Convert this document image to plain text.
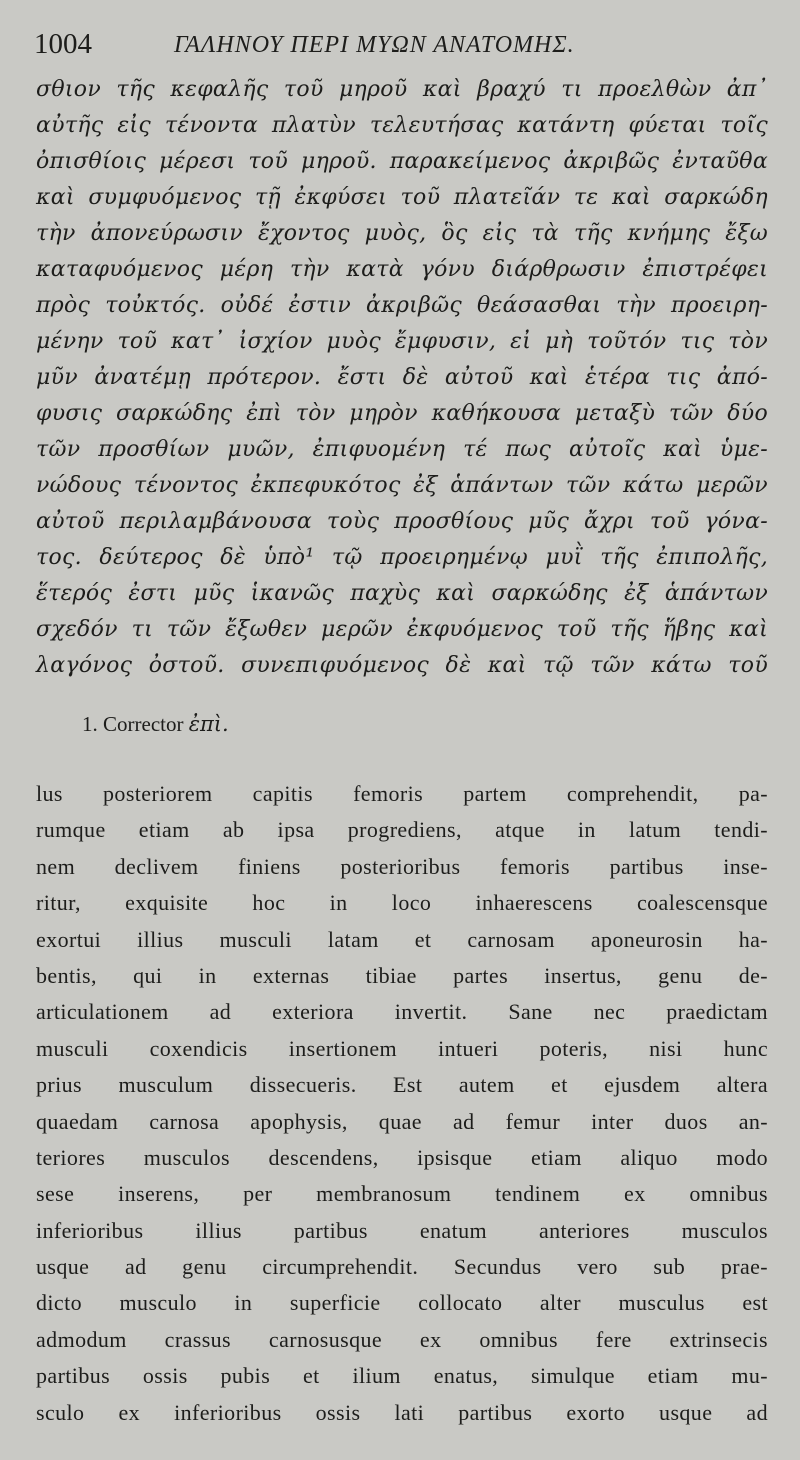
1004	ΓΑΛΗΝΟΥ ΠΕΡΙ ΜΥΩΝ ΑΝΑΤΟΜΗΣ.
σθιον τῆς κεφαλῆς τοῦ μηροῦ καὶ βραχύ τι προελθὼν ἀπ᾽
αὐτῆς εἰς τένοντα πλατὺν τελευτήσας κατάντη φύεται τοῖς
ὀπισθίοις μέρεσι τοῦ μηροῦ. παρακείμενος ἀκριβῶς ἐνταῦθα
καὶ συμφυόμενος τῇ ἐκφύσει τοῦ πλατεῖάν τε καὶ σαρκώδη
τὴν ἀπονεύρωσιν ἔχοντος μυὸς, ὃς εἰς τὰ τῆς κνήμης ἔξω
καταφυόμενος μέρη τὴν κατὰ γόνυ διάρθρωσιν ἐπιστρέφει
πρὸς τοὐκτός. οὐδέ ἐστιν ἀκριβῶς θεάσασθαι τὴν προειρη-
μένην τοῦ κατ᾽ ἰσχίον μυὸς ἔμφυσιν, εἰ μὴ τοῦτόν τις τὸν
μῦν ἀνατέμῃ πρότερον. ἔστι δὲ αὐτοῦ καὶ ἑτέρα τις ἀπό-
φυσις σαρκώδης ἐπὶ τὸν μηρὸν καθήκουσα μεταξὺ τῶν δύο
τῶν προσθίων μυῶν, ἐπιφυομένη τέ πως αὐτοῖς καὶ ὑμε-
νώδους τένοντος ἐκπεφυκότος ἐξ ἁπάντων τῶν κάτω μερῶν
αὐτοῦ περιλαμβάνουσα τοὺς προσθίους μῦς ἄχρι τοῦ γόνα-
τος. δεύτερος δὲ ὑπὸ¹ τῷ προειρημένῳ μυῒ τῆς ἐπιπολῆς,
ἕτερός ἐστι μῦς ἱκανῶς παχὺς καὶ σαρκώδης ἐξ ἁπάντων
σχεδόν τι τῶν ἔξωθεν μερῶν ἐκφυόμενος τοῦ τῆς ἥβης καὶ
λαγόνος ὀστοῦ. συνεπιφυόμενος δὲ καὶ τῷ τῶν κάτω τοῦ
1. Corrector ἐπὶ.
lus posteriorem capitis femoris partem comprehendit, pa-
rumque etiam ab ipsa progrediens, atque in latum tendi-
nem declivem finiens posterioribus femoris partibus inse-
ritur, exquisite hoc in loco inhaerescens coalescensque
exortui illius musculi latam et carnosam aponeurosin ha-
bentis, qui in externas tibiae partes insertus, genu de-
articulationem ad exteriora invertit. Sane nec praedictam
musculi coxendicis insertionem intueri poteris, nisi hunc
prius musculum dissecueris. Est autem et ejusdem altera
quaedam carnosa apophysis, quae ad femur inter duos an-
teriores musculos descendens, ipsisque etiam aliquo modo
sese inserens, per membranosum tendinem ex omnibus
inferioribus illius partibus enatum anteriores musculos
usque ad genu circumprehendit. Secundus vero sub prae-
dicto musculo in superficie collocato alter musculus est
admodum crassus carnosusque ex omnibus fere extrinsecis
partibus ossis pubis et ilium enatus, simulque etiam mu-
sculo ex inferioribus ossis lati partibus exorto usque ad
